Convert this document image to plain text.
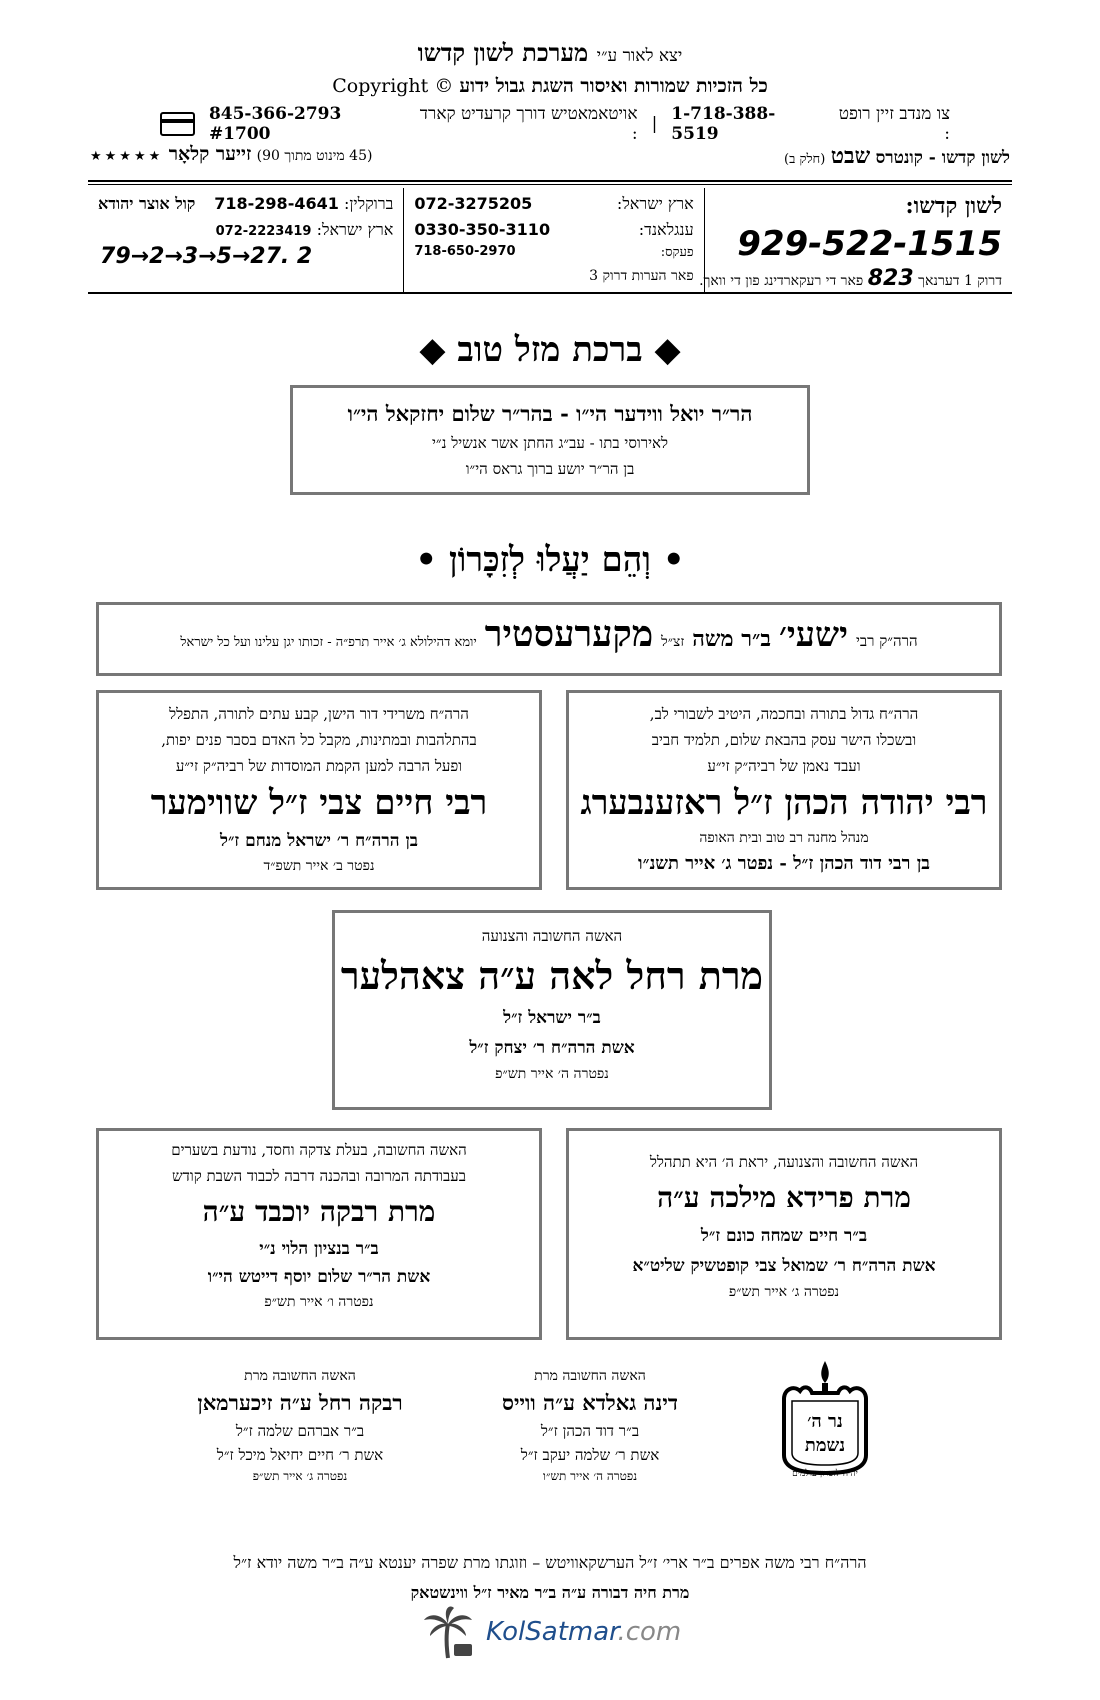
יצא לאור ע״י מערכת לשון קדשו
כל הזכיות שמורות ואיסור השגת גבול ידוע Copyright ©
צו מנדב זיין רופט :
1-718-388-5519
|
אויטאמאטיש דורך קרעדיט קארד :
845-366-2793 #1700
לשון קדשו - קונטרס שבט (חלק ב)
(45 מינוט מתוך 90) זייער קלאָר ★★★★★
לשון קדשו:
929-522-1515
דרוק 1 דערנאך 823 פאר די רעקארדינג פון די וואך.
ארץ ישראל:
072-3275205
ענגלאנד:
0330-350-3110
פעקס:
718-650-2970
פאר הערות דרוק 3
ברוקלין: 718-298-4641
ארץ ישראל: 072-2223419
79→2→3→5→27. 2
קול אוצר יהודא
◆ ברכת מזל טוב ◆
הר״ר יואל ווידער הי״ו - בהר״ר שלום יחזקאל הי״ו
לאירוסי בתו - עב״ג החתן אשר אנשיל נ״י
בן הר״ר יושע ברוך גראס הי״ו
• וְהֵם יַעֲלוּ לְזִכָּרוֹן •
הרה״ק רבי
ישעי׳
ב״ר משה
זצ״ל
מקערעסטיר
יומא דהילולא ג׳ אייר תרפ״ה - זכותו יגן עלינו ועל כל ישראל
הרה״ח גדול בתורה ובחכמה, היטיב לשבורי לב,
ובשכלו הישר עסק בהבאת שלום, תלמיד חביב
ועבד נאמן של רביה״ק זי״ע
רבי יהודה הכהן ז״ל ראזענבערג
מנהל מחנה רב טוב ובית האופה
בן רבי דוד הכהן ז״ל - נפטר ג׳ אייר תשנ״ו
הרה״ח משרידי דור הישן, קבע עתים לתורה, התפלל
בהתלהבות ובמתינות, מקבל כל האדם בסבר פנים יפות,
ופעל הרבה למען הקמת המוסדות של רביה״ק זי״ע
רבי חיים צבי ז״ל שווימער
בן הרה״ח ר׳ ישראל מנחם ז״ל
נפטר ב׳ אייר תשפ״ד
האשה החשובה והצנועה
מרת רחל לאה ע״ה צאהלער
ב״ר ישראל ז״ל
אשת הרה״ח ר׳ יצחק ז״ל
נפטרה ה׳ אייר תש״פ
האשה החשובה והצנועה, יראת ה׳ היא תתהלל
מרת פרידא מילכה ע״ה
ב״ר חיים שמחה כונם ז״ל
אשת הרה״ח ר׳ שמואל צבי קופטשיק שליט״א
נפטרה ג׳ אייר תש״פ
האשה החשובה, בעלת צדקה וחסד, נודעת בשערים
בעבודתה המרובה ובהכנה דרבה לכבוד השבת קודש
מרת רבקה יוכבד ע״ה
ב״ר בנציון הלוי נ״י
אשת הר״ר שלום יוסף דייטש הי״ו
נפטרה ו׳ אייר תש״פ
האשה החשובה מרת
דינה גאלדא ע״ה ווייס
ב״ר דוד הכהן ז״ל
אשת ר׳ שלמה יעקב ז״ל
נפטרה ה׳ אייר תש״ו
האשה החשובה מרת
רבקה רחל ע״ה זיכערמאן
ב״ר אברהם שלמה ז״ל
אשת ר׳ חיים יחיאל מיכל ז״ל
נפטרה ג׳ אייר תש״פ
נר ה׳
נשמת
יהיה לזכרון עולמים
הרה״ח רבי משה אפרים ב״ר ארי׳ ז״ל הערשקאוויטש – וזוגתו מרת שפרה יענטא ע״ה ב״ר משה יודא ז״ל
מרת חיה דבורה ע״ה ב״ר מאיר ז״ל ווינשטאק
KolSatmar.com
